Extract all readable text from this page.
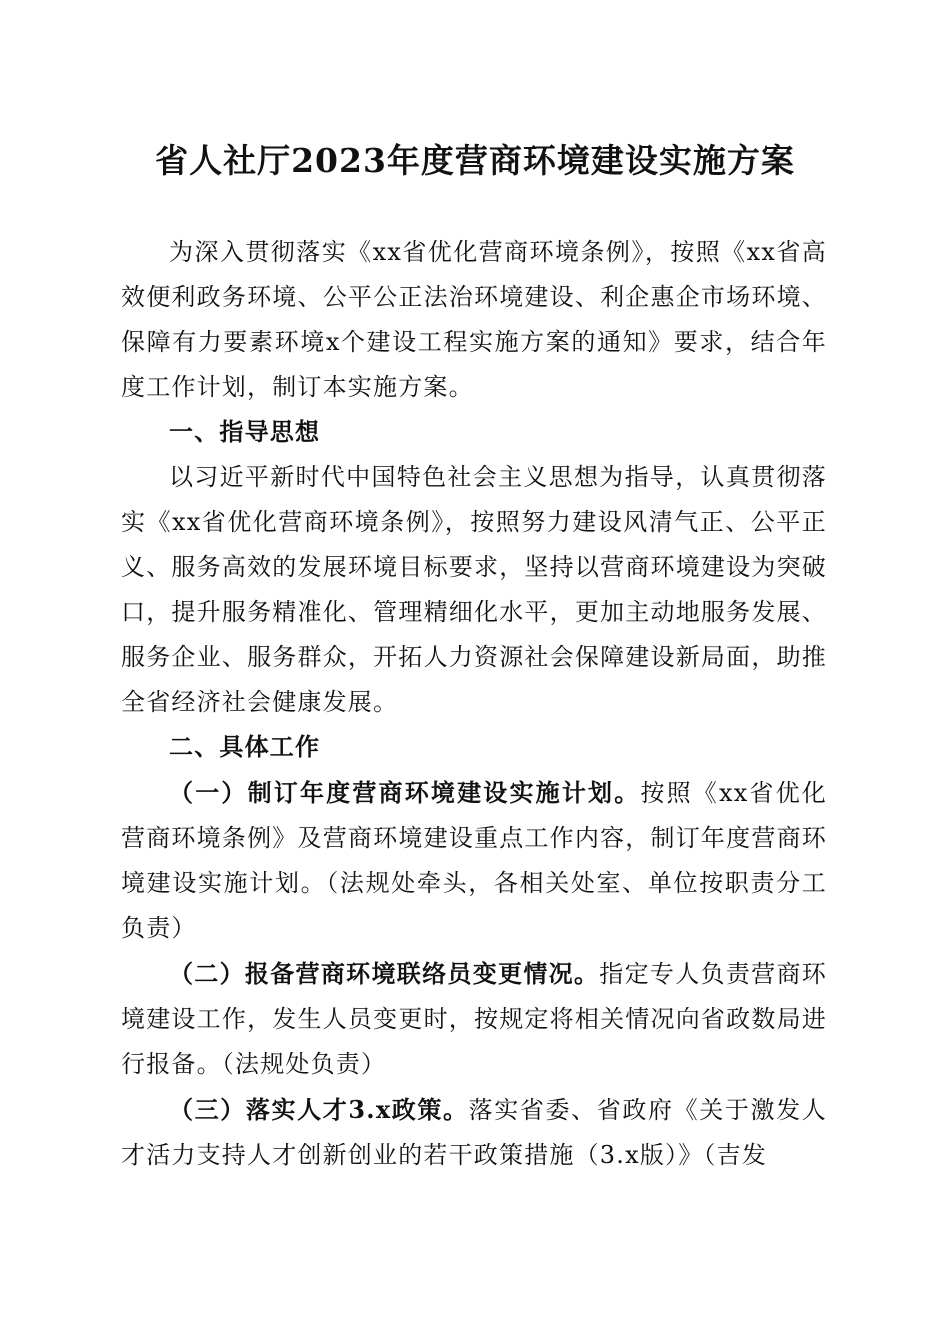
省人社厅2023年度营商环境建设实施方案

为深入贯彻落实《xx省优化营商环境条例》，按照《xx省高效便利政务环境、公平公正法治环境建设、利企惠企市场环境、保障有力要素环境x个建设工程实施方案的通知》要求，结合年度工作计划，制订本实施方案。

一、指导思想

以习近平新时代中国特色社会主义思想为指导，认真贯彻落实《xx省优化营商环境条例》，按照努力建设风清气正、公平正义、服务高效的发展环境目标要求，坚持以营商环境建设为突破口，提升服务精准化、管理精细化水平，更加主动地服务发展、服务企业、服务群众，开拓人力资源社会保障建设新局面，助推全省经济社会健康发展。

二、具体工作

（一）制订年度营商环境建设实施计划。按照《xx省优化营商环境条例》及营商环境建设重点工作内容，制订年度营商环境建设实施计划。（法规处牵头，各相关处室、单位按职责分工负责）

（二）报备营商环境联络员变更情况。指定专人负责营商环境建设工作，发生人员变更时，按规定将相关情况向省政数局进行报备。（法规处负责）

（三）落实人才3.x政策。落实省委、省政府《关于激发人才活力支持人才创新创业的若干政策措施（3.x版）》（吉发
